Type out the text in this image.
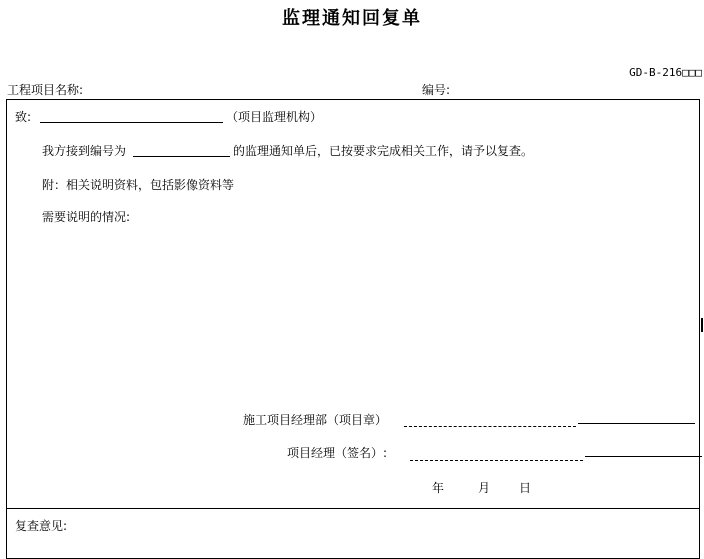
监理通知回复单
GD-B-216□□□
工程项目名称:	编号:
致:	（项目监理机构）
我方接到编号为	的监理通知单后，已按要求完成相关工作，请予以复查。
附：相关说明资料，包括影像资料等
需要说明的情况:
施工项目经理部（项目章）
项目经理（签名）:
年	月 日
复查意见:
